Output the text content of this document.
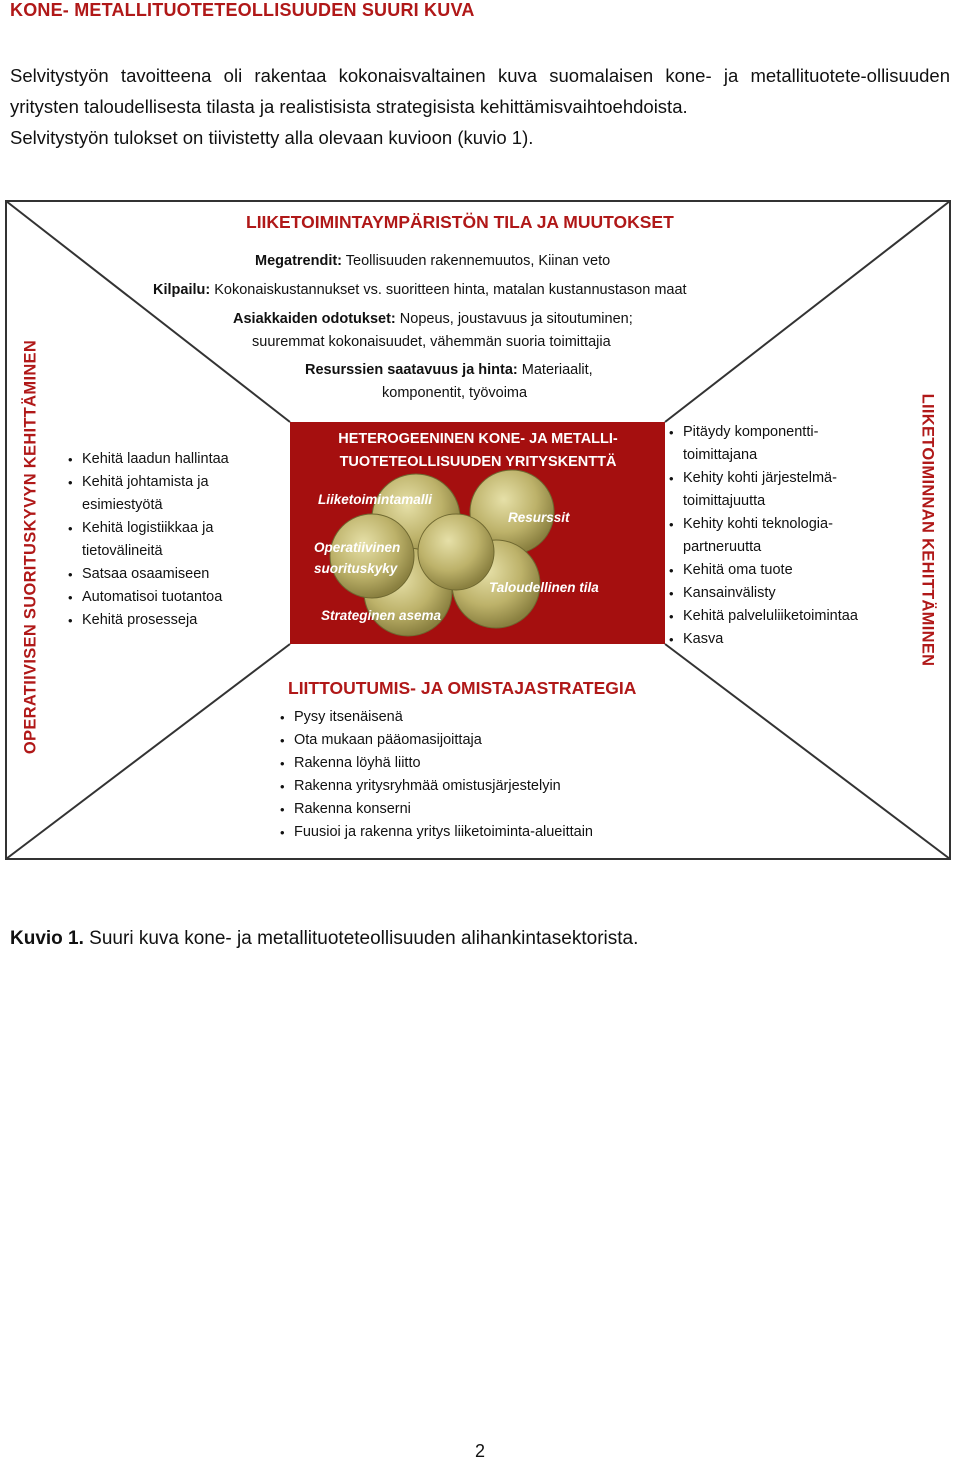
KONE- METALLITUOTETEOLLISUUDEN SUURI KUVA

Selvitystyön tavoitteena oli rakentaa kokonaisvaltainen kuva suomalaisen kone- ja metallituotete-ollisuuden yritysten taloudellisesta tilasta ja realistisista strategisista kehittämisvaihtoehdoista.

Selvitystyön tulokset on tiivistetty alla olevaan kuvioon (kuvio 1).

LIIKETOIMINTAYMPÄRISTÖN TILA JA MUUTOKSET
Megatrendit: Teollisuuden rakennemuutos, Kiinan veto
Kilpailu: Kokonaiskustannukset vs. suoritteen hinta, matalan kustannustason maat
Asiakkaiden odotukset: Nopeus, joustavuus ja sitoutuminen;
suuremmat kokonaisuudet, vähemmän suoria toimittajia
Resurssien saatavuus ja hinta: Materiaalit,
komponentit, työvoima
OPERATIIVISEN SUORITUSKYVYN KEHITTÄMINEN
•	Kehitä laadun hallintaa
• Kehitä johtamista ja esimiestyötä
• Kehitä logistiikkaa ja tietovälineitä
• Satsaa osaamiseen
• Automatisoi tuotantoa
• Kehitä prosesseja	LIIKETOIMINNAN KEHITTÄMINEN
• Pitäydy komponentti-toimittajana
• Kehity kohti järjestelmä-toimittajuutta
• Kehity kohti teknologia-partneruutta
• Kehitä oma tuote
• Kansainvälisty
• Kehitä palveluliiketoimintaa
• Kasva
HETEROGEENINEN KONE- JA METALLI-
TUOTETEOLLISUUDEN YRITYSKENTTÄ
Liiketoimintamalli
Resurssit
Operatiivinen
suorituskyky
Taloudellinen tila
Strateginen asema
LIITTOUTUMIS- JA OMISTAJASTRATEGIA
• Pysy itsenäisenä
• Ota mukaan pääomasijoittaja
• Rakenna löyhä liitto
• Rakenna yritysryhmää omistusjärjestelyin
• Rakenna konserni
• Fuusioi ja rakenna yritys liiketoiminta-alueittain
Kuvio 1. Suuri kuva kone- ja metallituoteteollisuuden alihankintasektorista.
2
